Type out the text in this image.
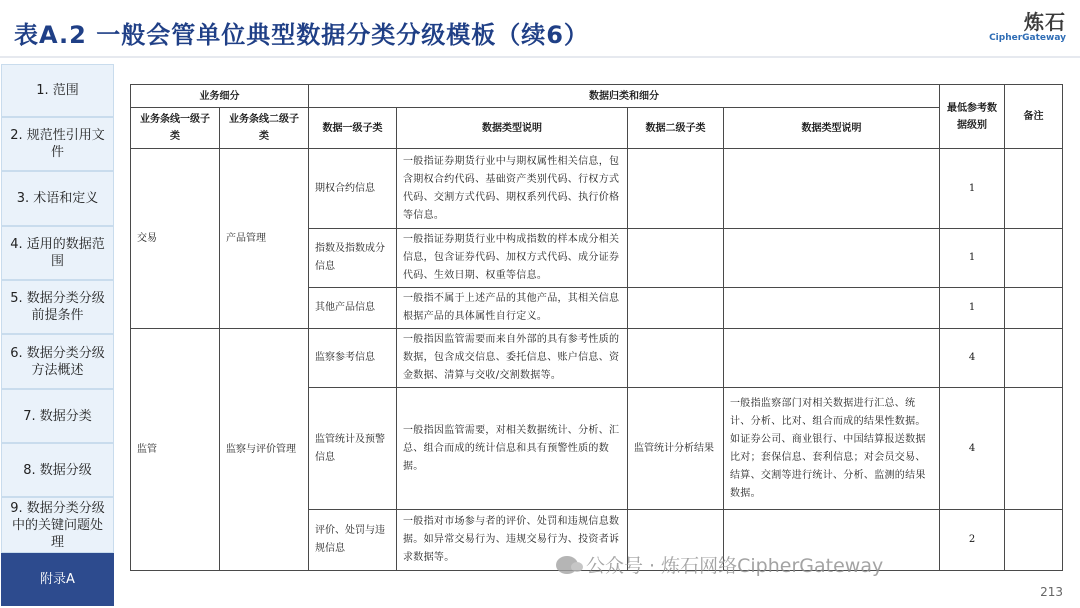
表A.2 一般会管单位典型数据分类分级模板（续6）	炼石
CipherGateway
1. 范围
2. 规范性引用文件
3. 术语和定义
4. 适用的数据范围
5. 数据分类分级前提条件
6. 数据分类分级方法概述
7. 数据分类
8. 数据分级
9. 数据分类分级中的关键问题处理
附录A
业务细分		数据归类和细分				最低参考数据级别	备注
业务条线一级子类	业务条线二级子类	数据一级子类	数据类型说明	数据二级子类	数据类型说明		
交易	产品管理	期权合约信息	一般指证券期货行业中与期权属性相关信息，包含期权合约代码、基础资产类别代码、行权方式代码、交割方式代码、期权系列代码、执行价格等信息。			1	
		指数及指数成分信息	一般指证券期货行业中构成指数的样本成分相关信息，包含证券代码、加权方式代码、成分证券代码、生效日期、权重等信息。			1	
		其他产品信息	一般指不属于上述产品的其他产品，其相关信息根据产品的具体属性自行定义。			1	
监管	监察与评价管理	监察参考信息	一般指因监管需要而来自外部的具有参考性质的数据，包含成交信息、委托信息、账户信息、资金数据、清算与交收/交割数据等。			4	
		监管统计及预警信息	一般指因监管需要，对相关数据统计、分析、汇总、组合而成的统计信息和具有预警性质的数据。	监管统计分析结果	一般指监察部门对相关数据进行汇总、统计、分析、比对、组合而成的结果性数据。如证券公司、商业银行、中国结算报送数据比对；套保信息、套利信息；对会员交易、结算、交割等进行统计、分析、监测的结果数据。	4	
		评价、处罚与违规信息	一般指对市场参与者的评价、处罚和违规信息数据。如异常交易行为、违规交易行为、投资者诉求数据等。			2	
公众号 · 炼石网络CipherGateway
213
